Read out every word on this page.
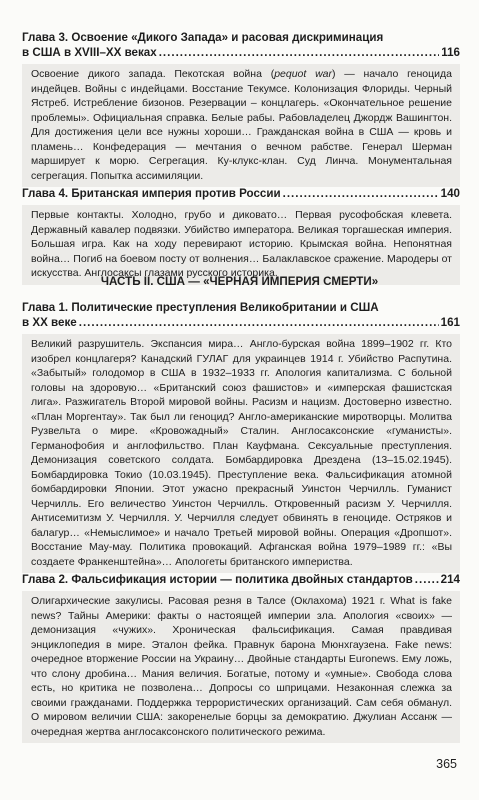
Глава 3. Освоение «Дикого Запада» и расовая дискриминация

в США в XVIII–XX веках .....	116

Освоение дикого запада. Пекотская война (pequot war) — начало геноцида индейцев. Войны с индейцами. Восстание Текумсе. Колонизация Флориды. Черный Ястреб. Истребление бизонов. Резервации – концлагерь. «Окончательное решение проблемы». Официальная справка. Белые рабы. Рабовладелец Джордж Вашингтон. Для достижения цели все нужны хороши… Гражданская война в США — кровь и пламень… Конфедерация — мечтания о вечном рабстве. Генерал Шерман марширует к морю. Сегрегация. Ку-клукс-клан. Суд Линча. Монументальная сегрегация. Попытка ассимиляции.

Глава 4. Британская империя против России .....	140

Первые контакты. Холодно, грубо и диковато… Первая русофобская клевета. Державный кавалер подвязки. Убийство императора. Великая торгашеская империя. Большая игра. Как на ходу перевирают историю. Крымская война. Непонятная война… Погиб на боевом посту от волнения… Балаклавское сражение. Мародеры от искусства. Англосаксы глазами русского историка.

ЧАСТЬ II. США — «ЧЕРНАЯ ИМПЕРИЯ СМЕРТИ»

Глава 1. Политические преступления Великобритании и США

в XX веке .....	161

Великий разрушитель. Экспансия мира… Англо-бурская война 1899–1902 гг. Кто изобрел концлагеря? Канадский ГУЛАГ для украинцев 1914 г. Убийство Распутина. «Забытый» голодомор в США в 1932–1933 гг. Апология капитализма. С больной головы на здоровую… «Британский союз фашистов» и «имперская фашистская лига». Разжигатель Второй мировой войны. Расизм и нацизм. Достоверно известно. «План Моргентау». Так был ли геноцид? Англо-американские миротворцы. Молитва Рузвельта о мире. «Кровожадный» Сталин. Англосаксонские «гуманисты». Германофобия и англофильство. План Кауфмана. Сексуальные преступления. Демонизация советского солдата. Бомбардировка Дрездена (13–15.02.1945). Бомбардировка Токио (10.03.1945). Преступление века. Фальсификация атомной бомбардировки Японии. Этот ужасно прекрасный Уинстон Черчилль. Гуманист Черчилль. Его величество Уинстон Черчилль. Откровенный расизм У. Черчилля. Антисемитизм У. Черчилля. У. Черчилля следует обвинять в геноциде. Остряков и балагур… «Немыслимое» и начало Третьей мировой войны. Операция «Дропшот». Восстание Мау-мау. Политика провокаций. Афганская война 1979–1989 гг.: «Вы создаете Франкенштейна»… Апологеты британского империства.

Глава 2. Фальсификация истории — политика двойных стандартов ..... 214

Олигархические закулисы. Расовая резня в Талсе (Оклахома) 1921 г. What is fake news? Тайны Америки: факты о настоящей империи зла. Апология «своих» — демонизация «чужих». Хроническая фальсификация. Самая правдивая энциклопедия в мире. Эталон фейка. Правнук барона Мюнхгаузена. Fake news: очередное вторжение России на Украину… Двойные стандарты Euronews. Ему ложь, что слону дробина… Мания величия. Богатые, потому и «умные». Свобода слова есть, но критика не позволена… Допросы со шприцами. Незаконная слежка за своими гражданами. Поддержка террористических организаций. Сам себя обманул. О мировом величии США: закоренелые борцы за демократию. Джулиан Ассанж — очередная жертва англосаксонского политического режима.

365
